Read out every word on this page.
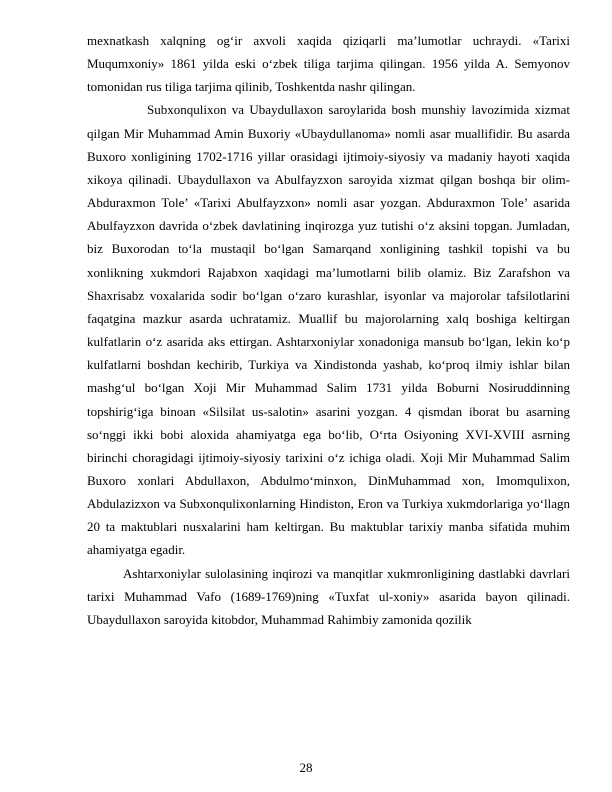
mexnatkash xalqning og‘ir axvoli xaqida qiziqarli ma’lumotlar uchraydi. «Tarixi Muqumxoniy» 1861 yilda eski o‘zbek tiliga tarjima qilingan. 1956 yilda A. Semyonov tomonidan rus tiliga tarjima qilinib, Toshkentda nashr qilingan.

Subxonqulixon va Ubaydullaxon saroylarida bosh munshiy lavozimida xizmat qilgan Mir Muhammad Amin Buxoriy «Ubaydullanoma» nomli asar muallifidir. Bu asarda Buxoro xonligining 1702-1716 yillar orasidagi ijtimoiy-siyosiy va madaniy hayoti xaqida xikoya qilinadi. Ubaydullaxon va Abulfayzxon saroyida xizmat qilgan boshqa bir olim-Abduraxmon Tole’ «Tarixi Abulfayzxon» nomli asar yozgan. Abduraxmon Tole’ asarida Abulfayzxon davrida o‘zbek davlatining inqirozga yuz tutishi o‘z aksini topgan. Jumladan, biz Buxorodan to‘la mustaqil bo‘lgan Samarqand xonligining tashkil topishi va bu xonlikning xukmdori Rajabxon xaqidagi ma’lumotlarni bilib olamiz. Biz Zarafshon va Shaxrisabz voxalarida sodir bo‘lgan o‘zaro kurashlar, isyonlar va majorolar tafsilotlarini faqatgina mazkur asarda uchratamiz. Muallif bu majorolarning xalq boshiga keltirgan kulfatlarin o‘z asarida aks ettirgan. Ashtarxoniylar xonadoniga mansub bo‘lgan, lekin ko‘p kulfatlarni boshdan kechirib, Turkiya va Xindistonda yashab, ko‘proq ilmiy ishlar bilan mashg‘ul bo‘lgan Xoji Mir Muhammad Salim 1731 yilda Boburni Nosiruddinning topshirig‘iga binoan «Silsilat us-salotin» asarini yozgan. 4 qismdan iborat bu asarning so‘nggi ikki bobi aloxida ahamiyatga ega bo‘lib, O‘rta Osiyoning XVI-XVIII asrning birinchi choragidagi ijtimoiy-siyosiy tarixini o‘z ichiga oladi. Xoji Mir Muhammad Salim Buxoro xonlari Abdullaxon, Abdulmo‘minxon, DinMuhammad xon, Imomqulixon, Abdulazizxon va Subxonqulixonlarning Hindiston, Eron va Turkiya xukmdorlariga yo‘llagn 20 ta maktublari nusxalarini ham keltirgan. Bu maktublar tarixiy manba sifatida muhim ahamiyatga egadir.

Ashtarxoniylar sulolasining inqirozi va manqitlar xukmronligining dastlabki davrlari tarixi Muhammad Vafo (1689-1769)ning «Tuxfat ul-xoniy» asarida bayon qilinadi. Ubaydullaxon saroyida kitobdor, Muhammad Rahimbiy zamonida qozilik

28
